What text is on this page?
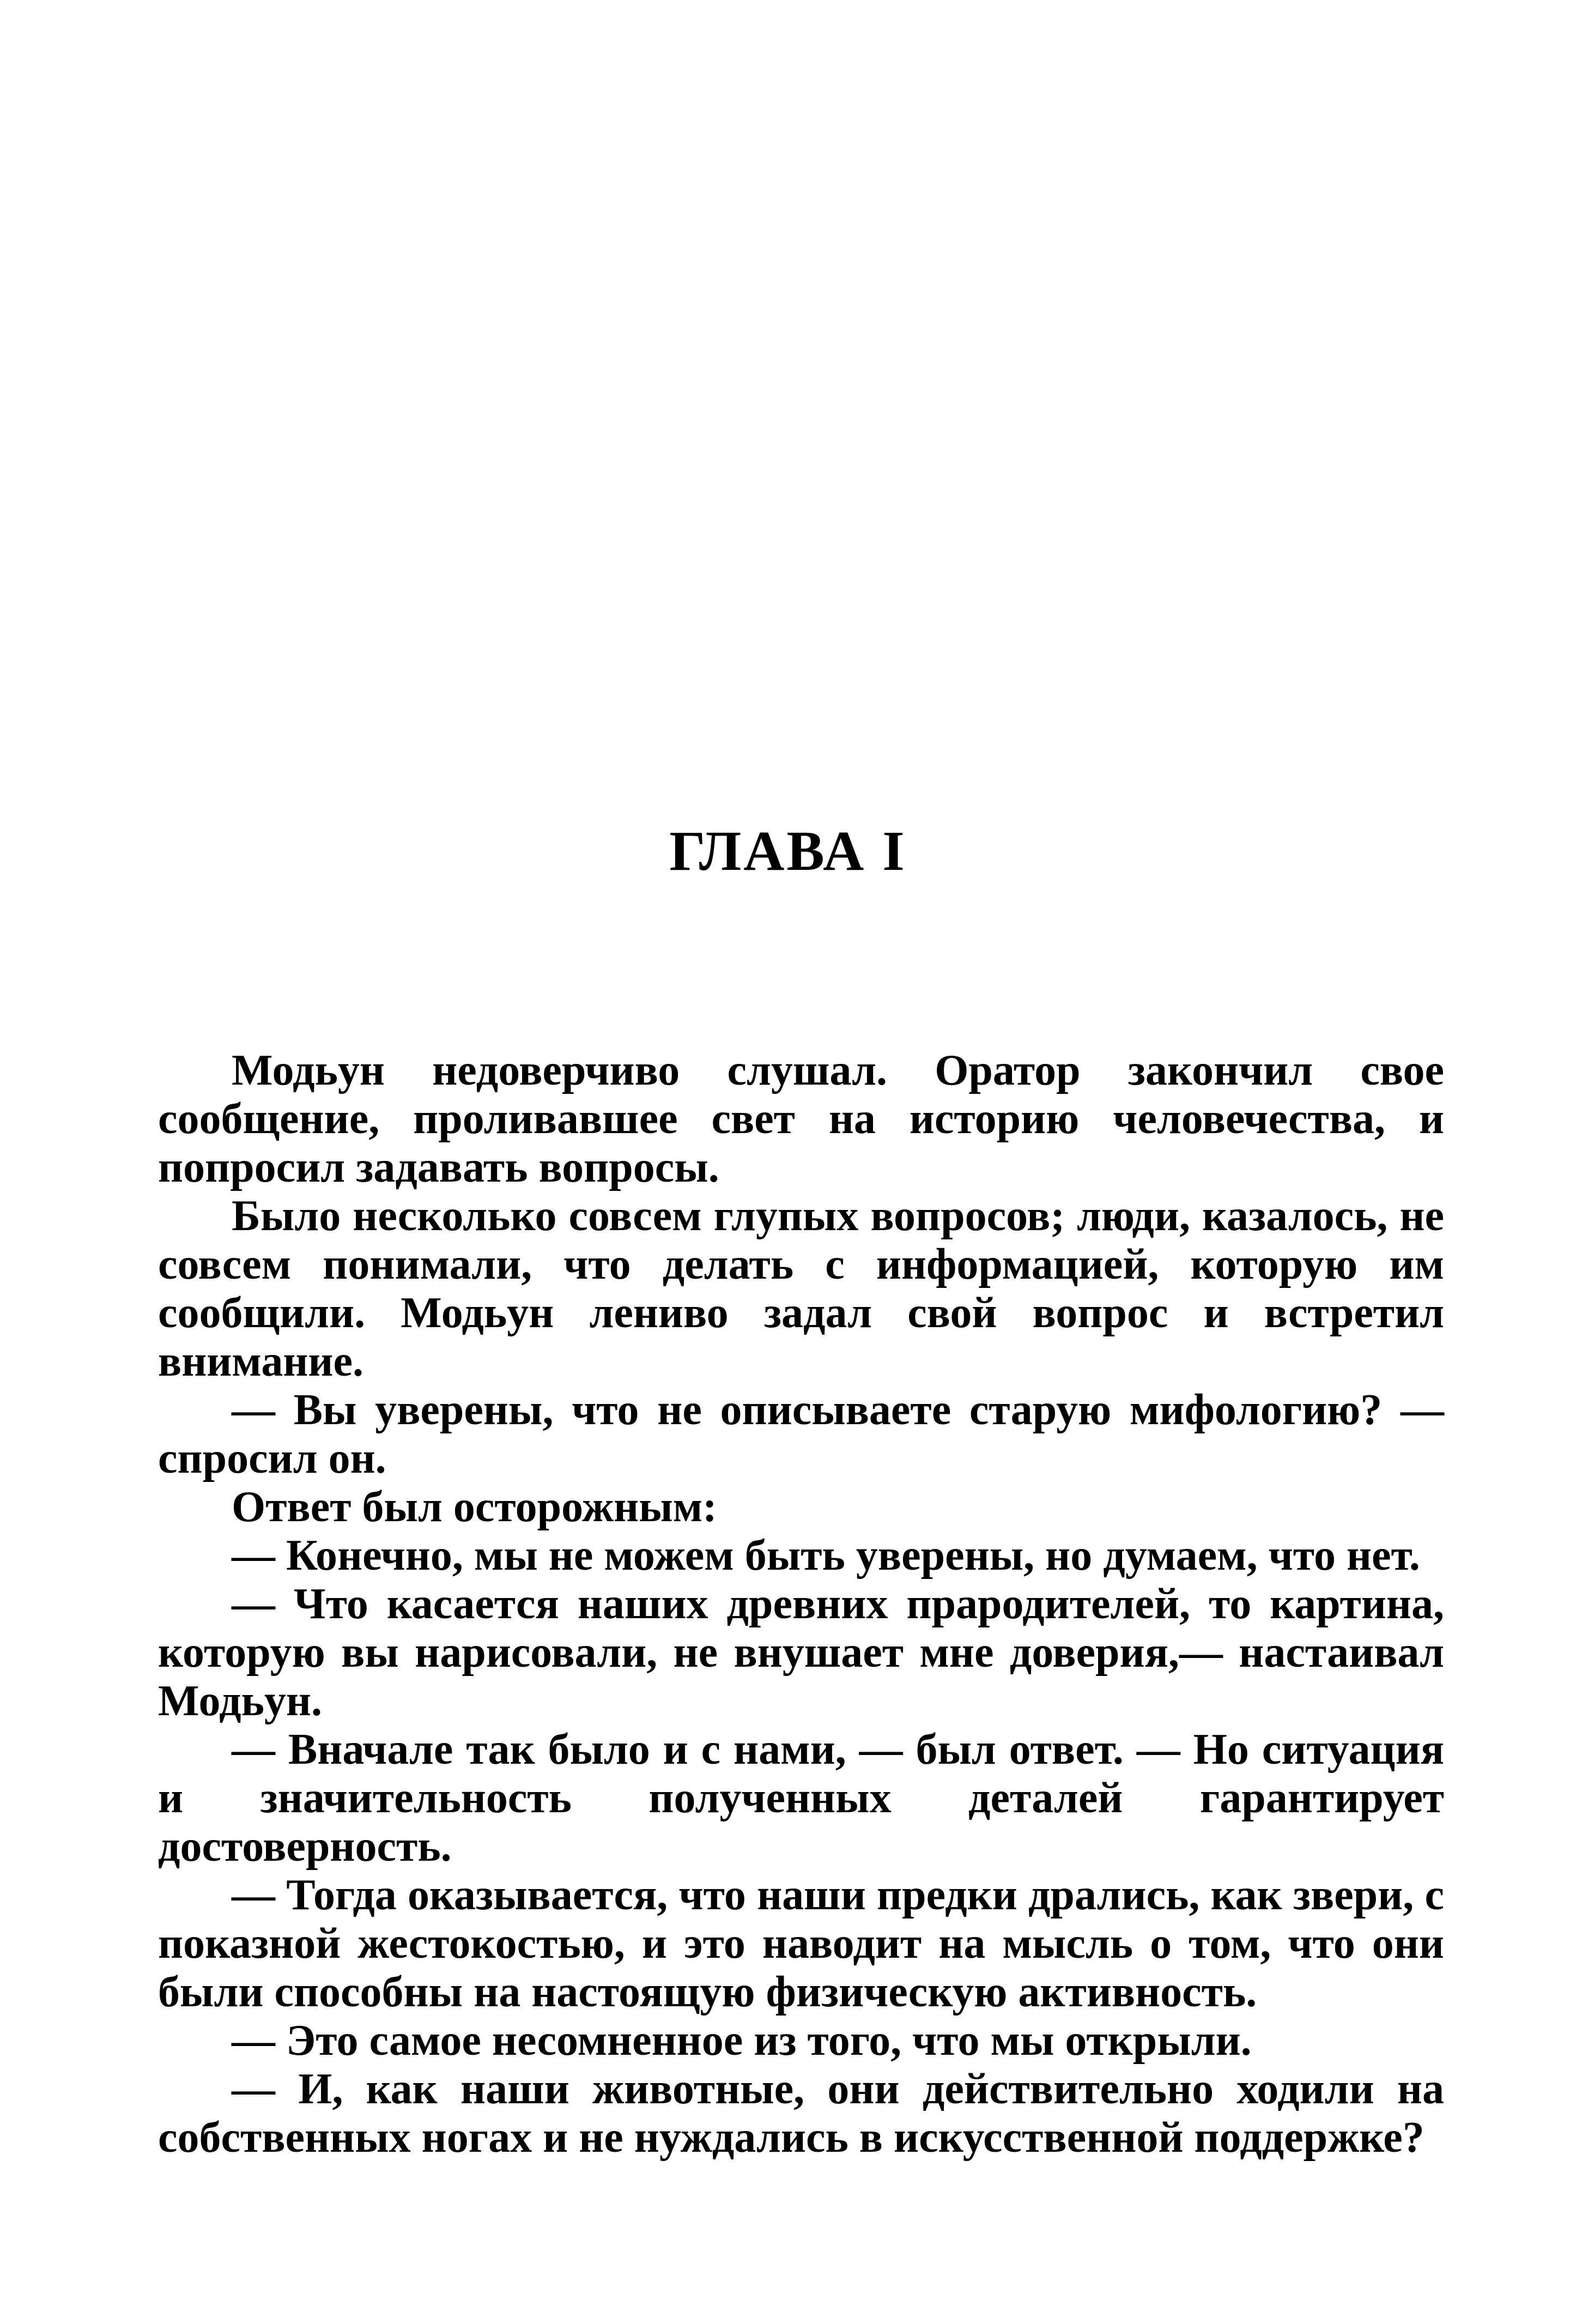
ГЛАВА I

Модьун недоверчиво слушал. Оратор закончил свое сообщение, проливавшее свет на историю человечества, и попросил задавать вопросы.

Было несколько совсем глупых вопросов; люди, казалось, не совсем понимали, что делать с информацией, которую им сообщили. Модьун лениво задал свой вопрос и встретил внимание.

— Вы уверены, что не описываете старую мифологию? — спросил он.

Ответ был осторожным:

— Конечно, мы не можем быть уверены, но думаем, что нет.

— Что касается наших древних прародителей, то картина, которую вы нарисовали, не внушает мне доверия,— настаивал Модьун.

— Вначале так было и с нами, — был ответ. — Но ситуация и значительность полученных деталей гарантирует достоверность.

— Тогда оказывается, что наши предки дрались, как звери, с показной жестокостью, и это наводит на мысль о том, что они были способны на настоящую физическую активность.

— Это самое несомненное из того, что мы открыли.

— И, как наши животные, они действительно ходили на собственных ногах и не нуждались в искусственной поддержке?
